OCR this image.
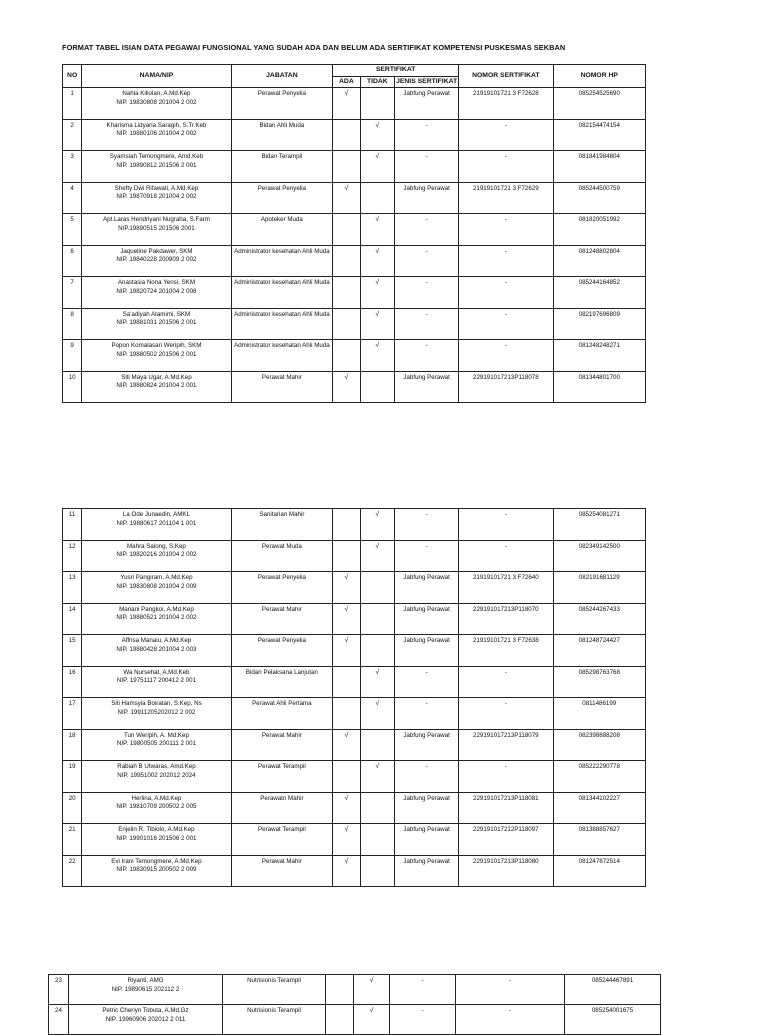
FORMAT TABEL ISIAN DATA PEGAWAI FUNGSIONAL YANG SUDAH ADA DAN BELUM ADA SERTIFIKAT KOMPETENSI PUSKESMAS SEKBAN
NO	NAMA/NIP	JABATAN	SERTIFIKAT			NOMOR SERTIFIKAT	NOMOR HP
			ADA	TIDAK	JENIS SERTIFIKAT		
1	Nahla Kiliolan, A.Md.Kep
NIP. 19830808 201004 2 002	Perawat Penyelia	√		Jabfung Perawat	21919101721 3 F72628	085254525690
2	Kharisma Lidyaria Saragih, S.Tr.Keb
NIP. 19880106 201004 2 002	Bidan Ahli Muda		√	-	-	082154474154
3	Syamsiah Temongmere, Amd.Keb
NIP. 19890812 201506 2 001	Bidan Terampil		√	-	-	081841984804
4	Shefty Dwi Rifawati, A.Md.Kep
NIP. 19870918 201004 2 002	Perawat Penyelia	√		Jabfung Perawat	21919101721 3 F72629	085244500759
5	Apt.Laras Hendriyani Nugraha, S.Farm
NIP.19890515 201506 2001	Apoteker Muda		√	-	-	081820051992
6	Jaqueline Pakdawer, SKM
NIP. 19840228 200909 2 002	Administrator kesehatan Ahli Muda		√	-	-	081248802804
7	Anastasia Nona Yensi, SKM
NIP. 19820724 201004 2 008	Administrator kesehatan Ahli Muda		√	-	-	085244164852
8	Sa'adiyah Atamimi, SKM
NIP. 19881031 201506 2 001	Administrator kesehatan Ahli Muda		√	-	-	082197696809
9	Popon Komalasari Weripih, SKM
NIP. 19880502 201506 2 001	Administrator kesehatan Ahli Muda		√	-	-	081248248271
10	Siti Maya Ugar, A.Md.Kep
NIP. 19880824 201004 2 001	Perawat Mahir	√		Jabfung Perawat	229191017213P118078	081344801700
11	La Ode Junaedin, AMKL
NIP. 19880617 201104 1 001	Sanitarian Mahir		√	-	-	085254081271
12	Mahra Salong, S.Kep
NIP. 19820216 201004 2 002	Perawat Muda		√	-	-	082349142500
13	Yusri Pangiram, A.Md.Kep
NIP. 19830808 201004 2 009	Perawat Penyelia	√		Jabfung Perawat	21919101721 3 F72640	082191681129
14	Mariani Pangkoi, A.Md.Kep
NIP. 19880521 201004 2 002	Perawat Mahir	√		Jabfung Perawat	229191017213P118070	085244267433
15	Affrisa Manaiu, A.Md.Kep
NIP. 19880428 201004 2 003	Perawat Penyelia	√		Jabfung Perawat	21919101721 3 F72638	081248724427
16	Wa Nursehat, A.Md.Keb
NIP. 19751117 200412 2 001	Bidan Pelaksana Lanjutan		√	-	-	085298763768
17	Siti Hamsyia Boiratan, S.Kep, Ns
NIP. 19911205202012 2 002	Perawat Ahli Pertama		√	-	-	0811486199
18	Tun Weripih, A. Md.Kep
NIP. 19800505 200111 2 001	Perawat Mahir	√		Jabfung Perawat	229191017213P118079	082398888208
19	Rabiah B Utwaras, Amd.Kep
NIP. 19951002 202012 2024	Perawat Terampil		√	-	-	085222290778
20	Herlina, A.Md.Kep
NIP. 19810709 200502 2 005	Perawatn Mahir	√		Jabfung Perawat	229191017213P118081	081344102227
21	Enjelin R. Tibiolo, A.Md.Kep
NIP. 19901016 201506 2 001	Perawat Terampil	√		Jabfung Perawat	229191017212P118097	081388857627
22	Evi Irani Temongmere, A.Md.Kep
NIP. 19830915 200502 2 009	Perawat Mahir	√		Jabfung Perawat	229191017213P118080	081247872514
23	Riyanti, AMG
NIP. 19890615 202112 2	Nutrisionis Terampil		√	-	-	085244467891
24	Petric Cheriyn Tobuta, A.Md.Gz
NIP. 19960906 202012 2 011	Nutrisionis Terampil		√	-	-	085254001675
